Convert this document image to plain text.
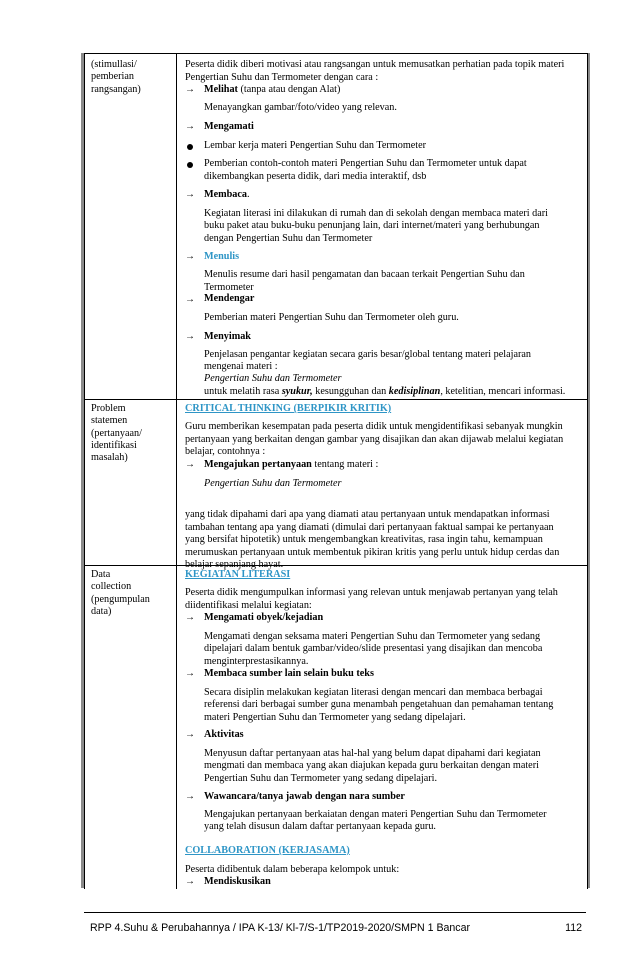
(stimullasi/
pemberian
rangsangan)
Peserta didik diberi motivasi atau rangsangan untuk memusatkan perhatian pada topik materi
Pengertian Suhu dan Termometer dengan cara :
→ Melihat (tanpa atau dengan Alat)
Menayangkan gambar/foto/video yang relevan.
→ Mengamati
Lembar kerja materi Pengertian Suhu dan Termometer
Pemberian contoh-contoh materi Pengertian Suhu dan Termometer untuk dapat
dikembangkan peserta didik, dari media interaktif, dsb
→ Membaca.
Kegiatan literasi ini dilakukan di rumah dan di sekolah dengan membaca materi dari
buku paket atau buku-buku penunjang lain, dari internet/materi yang berhubungan
dengan Pengertian Suhu dan Termometer
→ Menulis
Menulis resume dari hasil pengamatan dan bacaan terkait Pengertian Suhu dan
Termometer
→ Mendengar
Pemberian materi Pengertian Suhu dan Termometer oleh guru.
→ Menyimak
Penjelasan pengantar kegiatan secara garis besar/global tentang materi pelajaran
mengenai materi :
Pengertian Suhu dan Termometer
untuk melatih rasa syukur, kesungguhan dan kedisiplinan, ketelitian, mencari informasi.
Problem
statemen
(pertanyaan/
identifikasi
masalah)
CRITICAL THINKING (BERPIKIR KRITIK)
Guru memberikan kesempatan pada peserta didik untuk mengidentifikasi sebanyak mungkin
pertanyaan yang berkaitan dengan gambar yang disajikan dan akan dijawab melalui kegiatan
belajar, contohnya :
→ Mengajukan pertanyaan tentang materi :
Pengertian Suhu dan Termometer
yang tidak dipahami dari apa yang diamati atau pertanyaan untuk mendapatkan informasi
tambahan tentang apa yang diamati (dimulai dari pertanyaan faktual sampai ke pertanyaan
yang bersifat hipotetik) untuk mengembangkan kreativitas, rasa ingin tahu, kemampuan
merumuskan pertanyaan untuk membentuk pikiran kritis yang perlu untuk hidup cerdas dan
belajar sepanjang hayat.
Data
collection
(pengumpulan
data)
KEGIATAN LITERASI
Peserta didik mengumpulkan informasi yang relevan untuk menjawab pertanyan yang telah
diidentifikasi melalui kegiatan:
→ Mengamati obyek/kejadian
Mengamati dengan seksama materi Pengertian Suhu dan Termometer yang sedang
dipelajari dalam bentuk gambar/video/slide presentasi yang disajikan dan mencoba
menginterprestasikannya.
→ Membaca sumber lain selain buku teks
Secara disiplin melakukan kegiatan literasi dengan mencari dan membaca berbagai
referensi dari berbagai sumber guna menambah pengetahuan dan pemahaman tentang
materi Pengertian Suhu dan Termometer yang sedang dipelajari.
→ Aktivitas
Menyusun daftar pertanyaan atas hal-hal yang belum dapat dipahami dari kegiatan
mengmati dan membaca yang akan diajukan kepada guru berkaitan dengan materi
Pengertian Suhu dan Termometer yang sedang dipelajari.
→ Wawancara/tanya jawab dengan nara sumber
Mengajukan pertanyaan berkaiatan dengan materi Pengertian Suhu dan Termometer
yang telah disusun dalam daftar pertanyaan kepada guru.
COLLABORATION (KERJASAMA)
Peserta didibentuk dalam beberapa kelompok untuk:
→ Mendiskusikan
RPP 4.Suhu & Perubahannya / IPA K-13/ Kl-7/S-1/TP2019-2020/SMPN 1 Bancar	112
